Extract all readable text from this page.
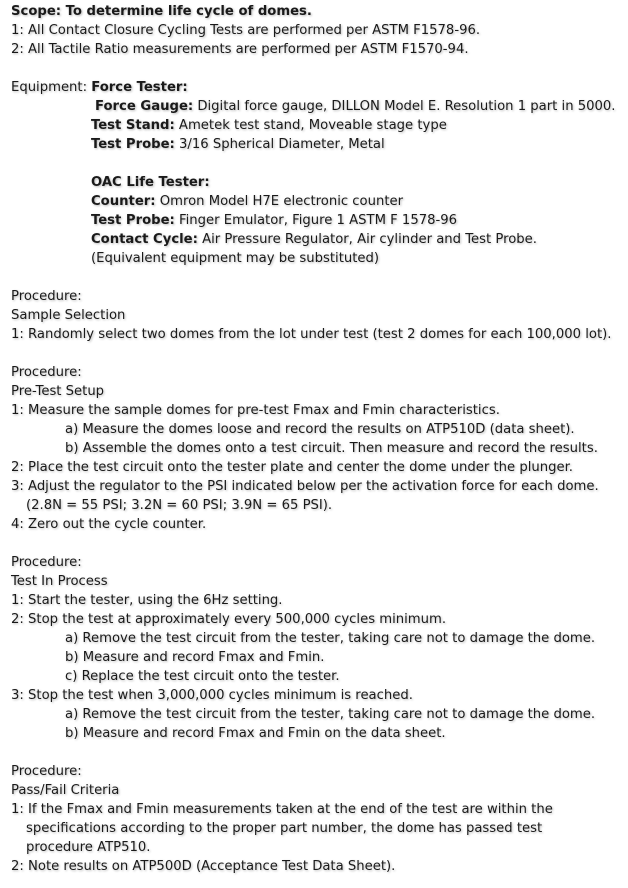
Scope: To determine life cycle of domes.
1: All Contact Closure Cycling Tests are performed per ASTM F1578-96.
2: All Tactile Ratio measurements are performed per ASTM F1570-94.
Equipment: Force Tester:
Force Gauge: Digital force gauge, DILLON Model E. Resolution 1 part in 5000.
Test Stand: Ametek test stand, Moveable stage type
Test Probe: 3/16 Spherical Diameter, Metal
OAC Life Tester:
Counter: Omron Model H7E electronic counter
Test Probe: Finger Emulator, Figure 1 ASTM F 1578-96
Contact Cycle: Air Pressure Regulator, Air cylinder and Test Probe.
(Equivalent equipment may be substituted)
Procedure:
Sample Selection
1: Randomly select two domes from the lot under test (test 2 domes for each 100,000 lot).
Procedure:
Pre-Test Setup
1: Measure the sample domes for pre-test Fmax and Fmin characteristics.
a) Measure the domes loose and record the results on ATP510D (data sheet).
b) Assemble the domes onto a test circuit. Then measure and record the results.
2: Place the test circuit onto the tester plate and center the dome under the plunger.
3: Adjust the regulator to the PSI indicated below per the activation force for each dome.
(2.8N = 55 PSI; 3.2N = 60 PSI; 3.9N = 65 PSI).
4: Zero out the cycle counter.
Procedure:
Test In Process
1: Start the tester, using the 6Hz setting.
2: Stop the test at approximately every 500,000 cycles minimum.
a) Remove the test circuit from the tester, taking care not to damage the dome.
b) Measure and record Fmax and Fmin.
c) Replace the test circuit onto the tester.
3: Stop the test when 3,000,000 cycles minimum is reached.
a) Remove the test circuit from the tester, taking care not to damage the dome.
b) Measure and record Fmax and Fmin on the data sheet.
Procedure:
Pass/Fail Criteria
1: If the Fmax and Fmin measurements taken at the end of the test are within the
specifications according to the proper part number, the dome has passed test
procedure ATP510.
2: Note results on ATP500D (Acceptance Test Data Sheet).
